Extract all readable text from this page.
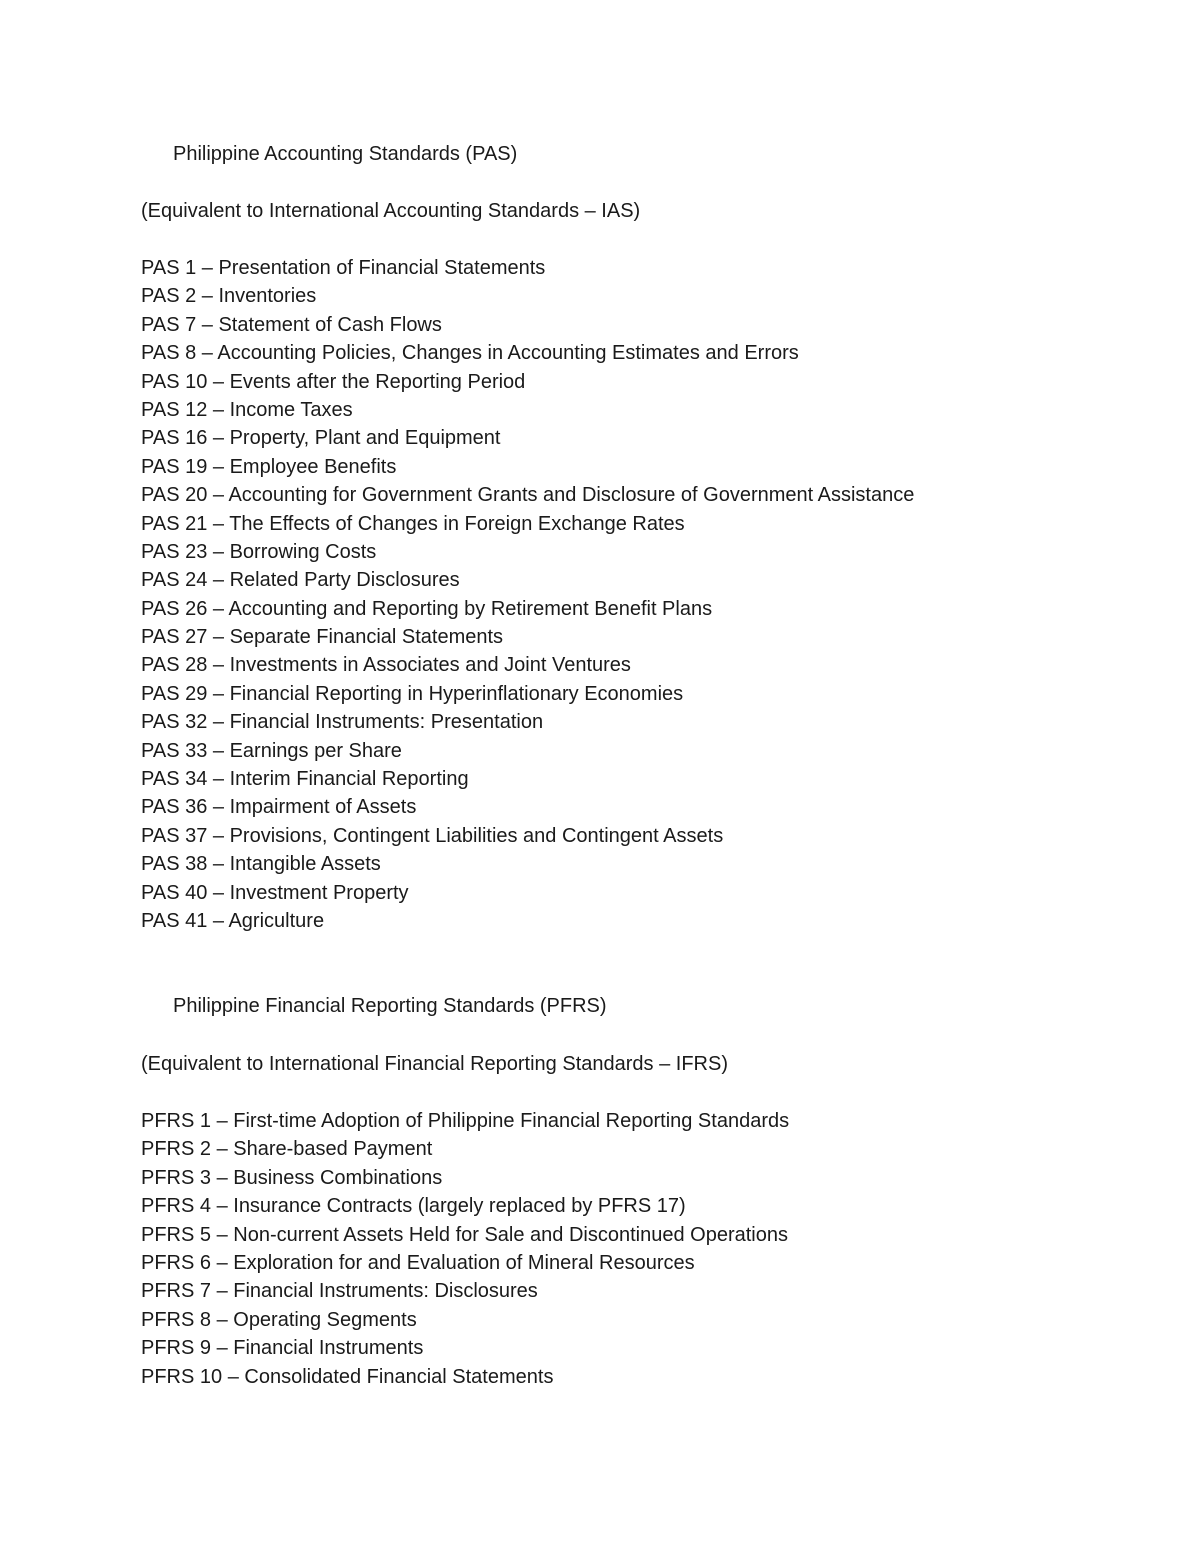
Philippine Accounting Standards (PAS)
(Equivalent to International Accounting Standards – IAS)
PAS 1 – Presentation of Financial Statements
PAS 2 – Inventories
PAS 7 – Statement of Cash Flows
PAS 8 – Accounting Policies, Changes in Accounting Estimates and Errors
PAS 10 – Events after the Reporting Period
PAS 12 – Income Taxes
PAS 16 – Property, Plant and Equipment
PAS 19 – Employee Benefits
PAS 20 – Accounting for Government Grants and Disclosure of Government Assistance
PAS 21 – The Effects of Changes in Foreign Exchange Rates
PAS 23 – Borrowing Costs
PAS 24 – Related Party Disclosures
PAS 26 – Accounting and Reporting by Retirement Benefit Plans
PAS 27 – Separate Financial Statements
PAS 28 – Investments in Associates and Joint Ventures
PAS 29 – Financial Reporting in Hyperinflationary Economies
PAS 32 – Financial Instruments: Presentation
PAS 33 – Earnings per Share
PAS 34 – Interim Financial Reporting
PAS 36 – Impairment of Assets
PAS 37 – Provisions, Contingent Liabilities and Contingent Assets
PAS 38 – Intangible Assets
PAS 40 – Investment Property
PAS 41 – Agriculture
Philippine Financial Reporting Standards (PFRS)
(Equivalent to International Financial Reporting Standards – IFRS)
PFRS 1 – First-time Adoption of Philippine Financial Reporting Standards
PFRS 2 – Share-based Payment
PFRS 3 – Business Combinations
PFRS 4 – Insurance Contracts (largely replaced by PFRS 17)
PFRS 5 – Non-current Assets Held for Sale and Discontinued Operations
PFRS 6 – Exploration for and Evaluation of Mineral Resources
PFRS 7 – Financial Instruments: Disclosures
PFRS 8 – Operating Segments
PFRS 9 – Financial Instruments
PFRS 10 – Consolidated Financial Statements
